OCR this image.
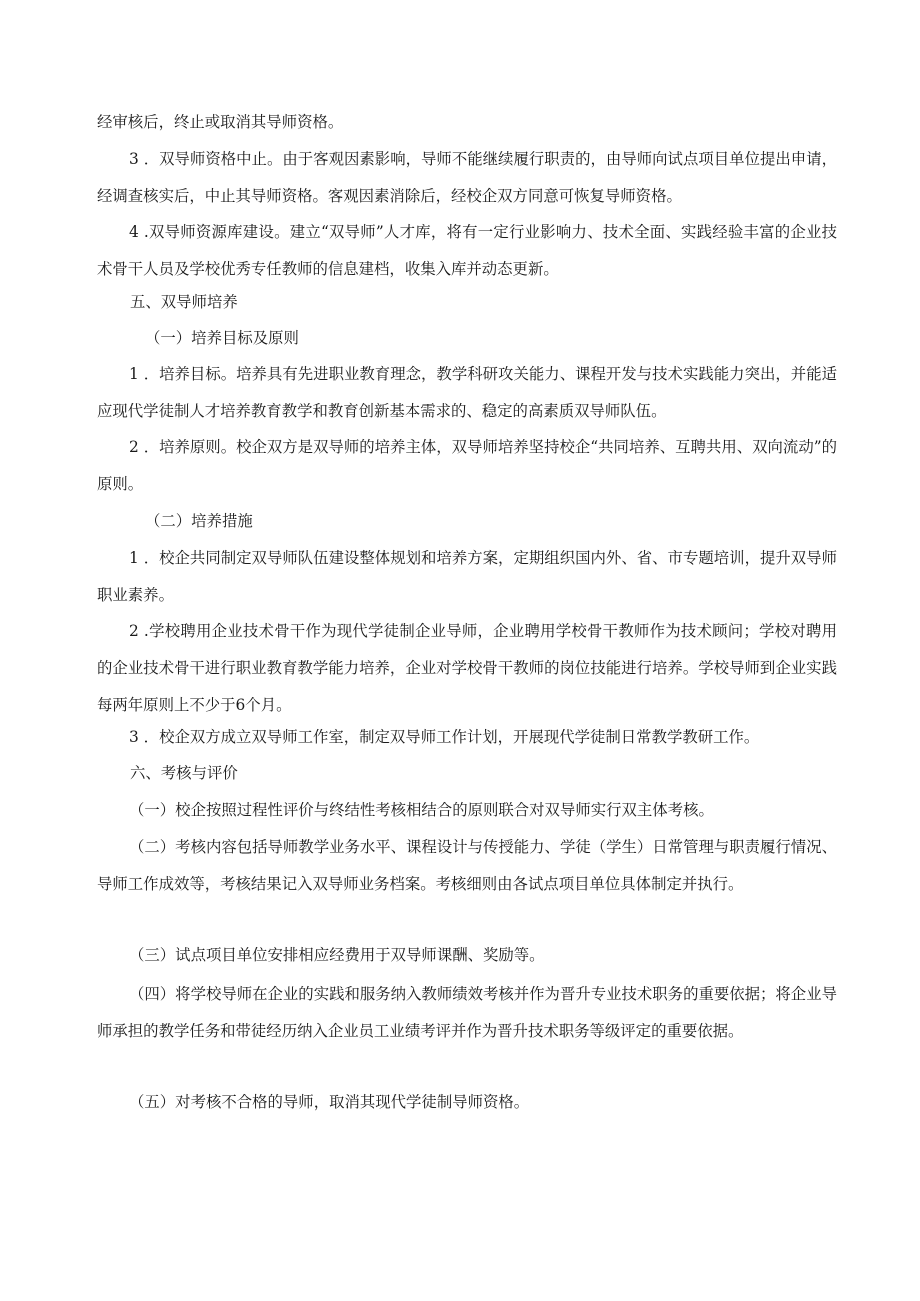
经审核后，终止或取消其导师资格。

3 ．双导师资格中止。由于客观因素影响，导师不能继续履行职责的，由导师向试点项目单位提出申请，经调查核实后，中止其导师资格。客观因素消除后，经校企双方同意可恢复导师资格。

4 .双导师资源库建设。建立“双导师”人才库，将有一定行业影响力、技术全面、实践经验丰富的企业技术骨干人员及学校优秀专任教师的信息建档，收集入库并动态更新。

五、双导师培养

（一）培养目标及原则

1 ．培养目标。培养具有先进职业教育理念，教学科研攻关能力、课程开发与技术实践能力突出，并能适应现代学徒制人才培养教育教学和教育创新基本需求的、稳定的高素质双导师队伍。

2 ．培养原则。校企双方是双导师的培养主体，双导师培养坚持校企“共同培养、互聘共用、双向流动”的原则。

（二）培养措施

1 ．校企共同制定双导师队伍建设整体规划和培养方案，定期组织国内外、省、市专题培训，提升双导师职业素养。

2 .学校聘用企业技术骨干作为现代学徒制企业导师，企业聘用学校骨干教师作为技术顾问；学校对聘用的企业技术骨干进行职业教育教学能力培养，企业对学校骨干教师的岗位技能进行培养。学校导师到企业实践每两年原则上不少于6个月。

3 ．校企双方成立双导师工作室，制定双导师工作计划，开展现代学徒制日常教学教研工作。

六、考核与评价

（一）校企按照过程性评价与终结性考核相结合的原则联合对双导师实行双主体考核。

（二）考核内容包括导师教学业务水平、课程设计与传授能力、学徒（学生）日常管理与职责履行情况、导师工作成效等，考核结果记入双导师业务档案。考核细则由各试点项目单位具体制定并执行。

（三）试点项目单位安排相应经费用于双导师课酬、奖励等。

（四）将学校导师在企业的实践和服务纳入教师绩效考核并作为晋升专业技术职务的重要依据；将企业导师承担的教学任务和带徒经历纳入企业员工业绩考评并作为晋升技术职务等级评定的重要依据。

（五）对考核不合格的导师，取消其现代学徒制导师资格。
